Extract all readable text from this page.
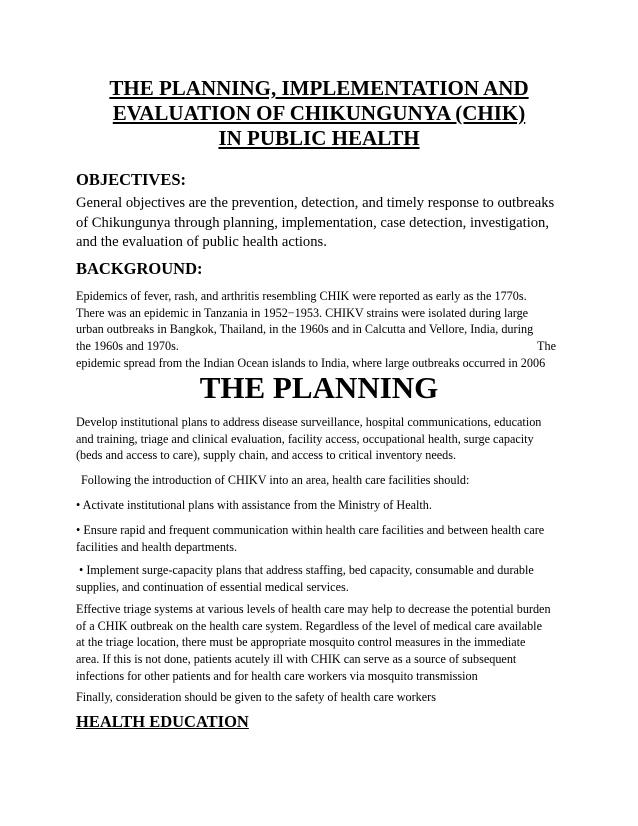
THE PLANNING, IMPLEMENTATION AND
EVALUATION OF CHIKUNGUNYA (CHIK)
IN PUBLIC HEALTH
OBJECTIVES:
General objectives are the prevention, detection, and timely response to outbreaks
of Chikungunya through planning, implementation, case detection, investigation,
and the evaluation of public health actions.
BACKGROUND:
Epidemics of fever, rash, and arthritis resembling CHIK were reported as early as the 1770s.
There was an epidemic in Tanzania in 1952−1953. CHIKV strains were isolated during large
urban outbreaks in Bangkok, Thailand, in the 1960s and in Calcutta and Vellore, India, during
the 1960s and 1970s.	The
epidemic spread from the Indian Ocean islands to India, where large outbreaks occurred in 2006
THE PLANNING
Develop institutional plans to address disease surveillance, hospital communications, education
and training, triage and clinical evaluation, facility access, occupational health, surge capacity
(beds and access to care), supply chain, and access to critical inventory needs.
Following the introduction of CHIKV into an area, health care facilities should:
• Activate institutional plans with assistance from the Ministry of Health.
• Ensure rapid and frequent communication within health care facilities and between health care
facilities and health departments.
• Implement surge-capacity plans that address staffing, bed capacity, consumable and durable
supplies, and continuation of essential medical services.
Effective triage systems at various levels of health care may help to decrease the potential burden
of a CHIK outbreak on the health care system. Regardless of the level of medical care available
at the triage location, there must be appropriate mosquito control measures in the immediate
area. If this is not done, patients acutely ill with CHIK can serve as a source of subsequent
infections for other patients and for health care workers via mosquito transmission
Finally, consideration should be given to the safety of health care workers
HEALTH EDUCATION
